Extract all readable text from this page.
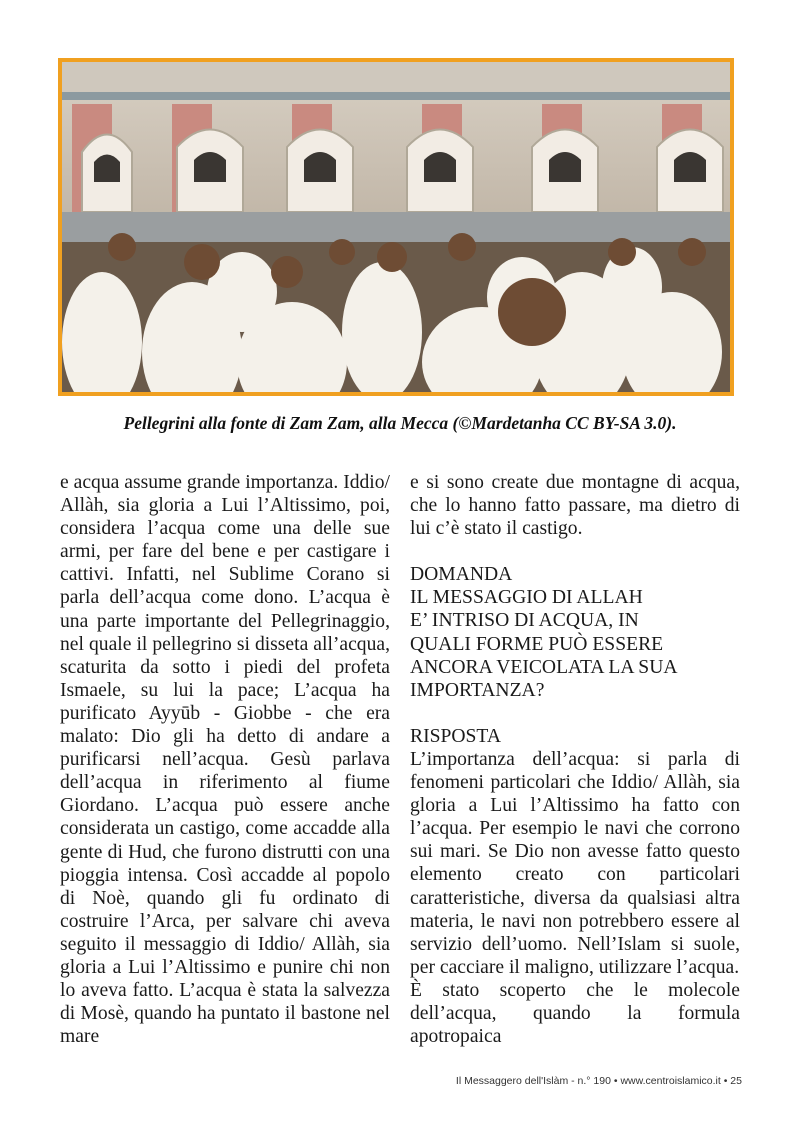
Pellegrini alla fonte di Zam Zam, alla Mecca (©Mardetanha CC BY-SA 3.0).

e acqua assume grande importanza. Iddio/ Allàh, sia gloria a Lui l’Altissimo, poi, considera l’acqua come una delle sue armi, per fare del bene e per castigare i cattivi. Infatti, nel Sublime Corano si parla dell’acqua come dono. L’acqua è una parte importante del Pellegrinaggio, nel quale il pellegrino si disseta all’acqua, scaturita da sotto i piedi del profeta Ismaele, su lui la pace; L’acqua ha purificato Ayyūb - Giobbe - che era malato: Dio gli ha detto di andare a purificarsi nell’acqua. Gesù parlava dell’acqua in riferimento al fiume Giordano. L’acqua può essere anche considerata un castigo, come accadde alla gente di Hud, che furono distrutti con una pioggia intensa. Così accadde al popolo di Noè, quando gli fu ordinato di costruire l’Arca, per salvare chi aveva seguito il messaggio di Iddio/ Allàh, sia gloria a Lui l’Altissimo e punire chi non lo aveva fatto. L’acqua è stata la salvezza di Mosè, quando ha puntato il bastone nel mare

e si sono create due montagne di acqua, che lo hanno fatto passare, ma dietro di lui c’è stato il castigo.

DOMANDA
IL MESSAGGIO DI ALLAH
E’ INTRISO DI ACQUA, IN
QUALI FORME PUÒ ESSERE
ANCORA VEICOLATA LA SUA
IMPORTANZA?
RISPOSTA

L’importanza dell’acqua: si parla di fenomeni particolari che Iddio/ Allàh, sia gloria a Lui l’Altissimo ha fatto con l’acqua. Per esempio le navi che corrono sui mari. Se Dio non avesse fatto questo elemento creato con particolari caratteristiche, diversa da qualsiasi altra materia, le navi non potrebbero essere al servizio dell’uomo. Nell’Islam si suole, per cacciare il maligno, utilizzare l’acqua.

È stato scoperto che le molecole dell’acqua, quando la formula apotropaica

Il Messaggero dell'Islàm - n.° 190 • www.centroislamico.it • 25
